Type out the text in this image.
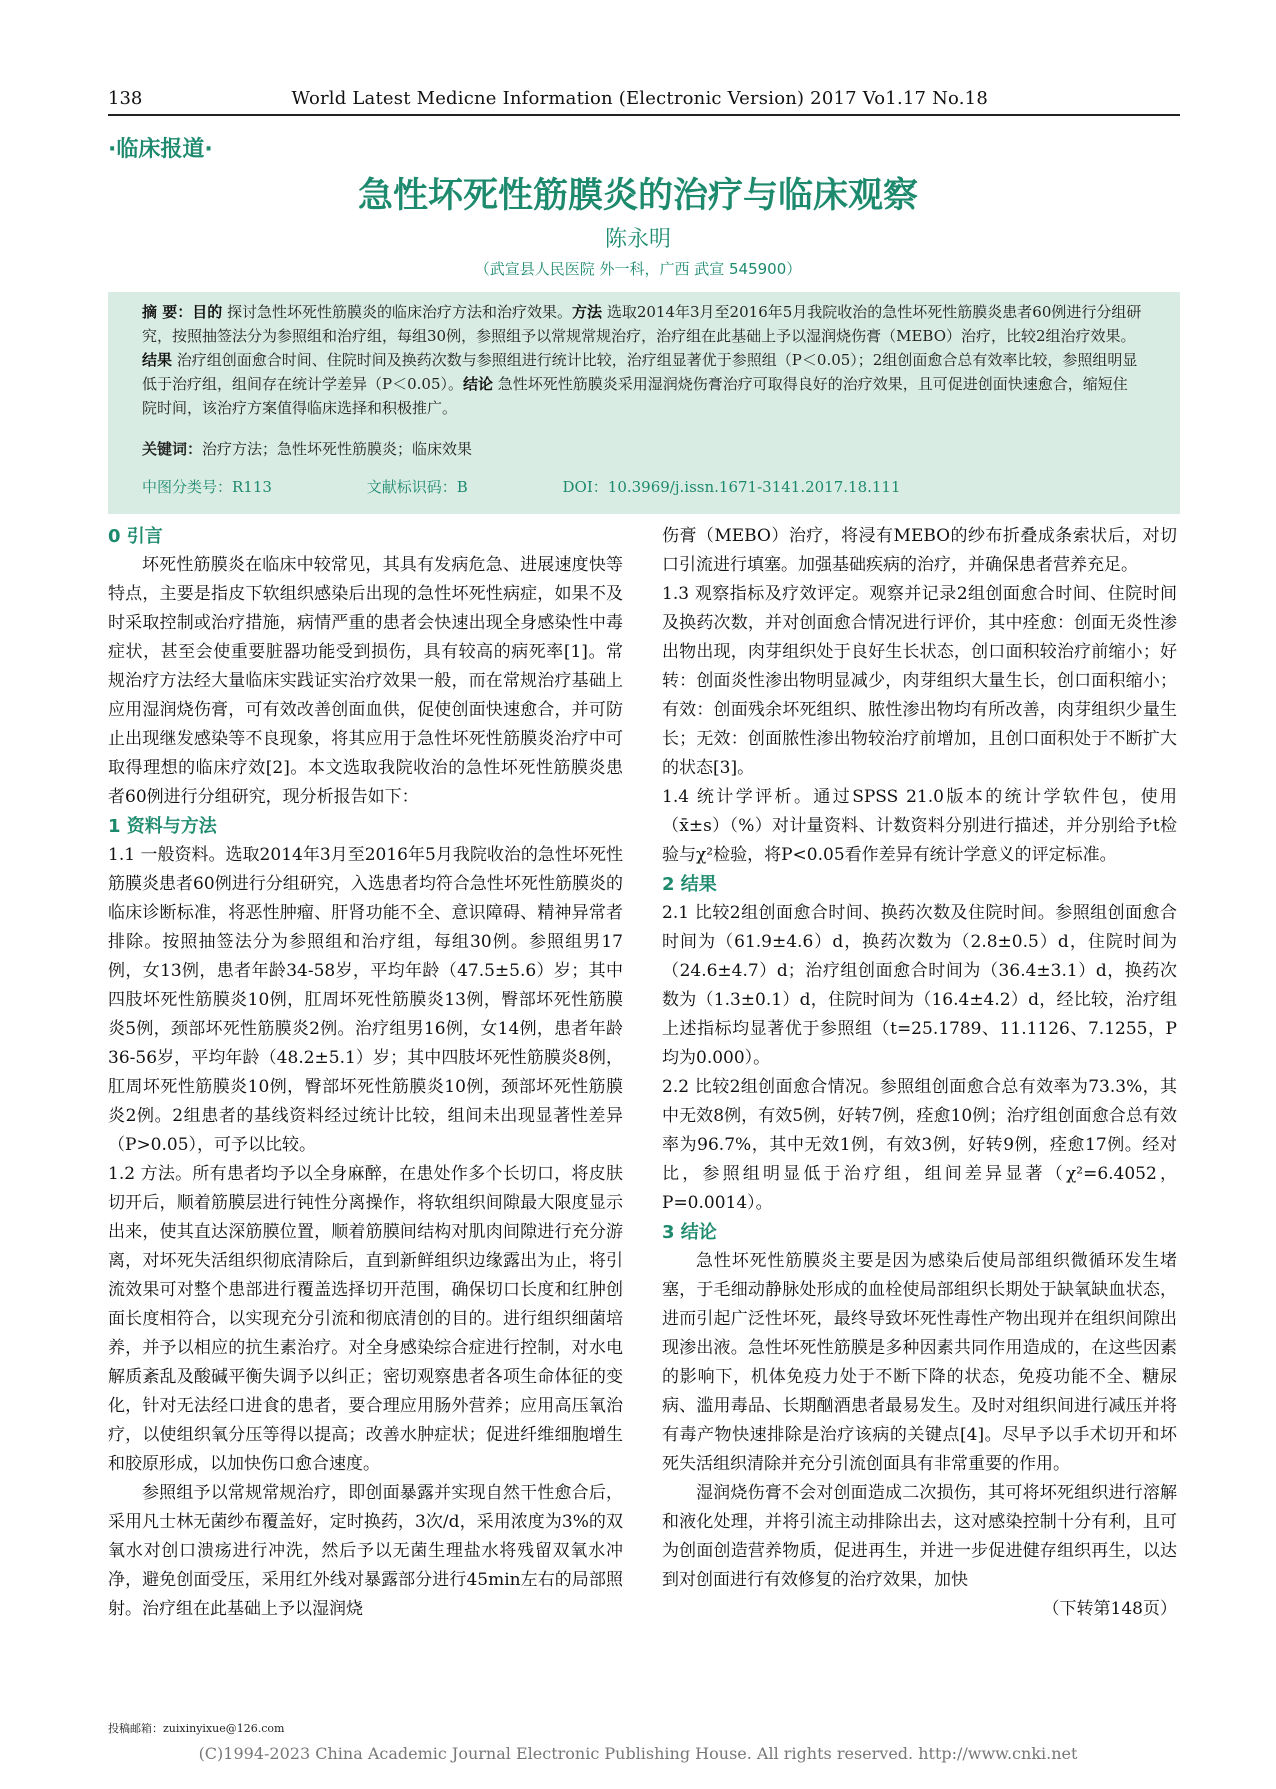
138	World Latest Medicne Information (Electronic Version) 2017 Vo1.17 No.18
·临床报道·
急性坏死性筋膜炎的治疗与临床观察
陈永明
（武宣县人民医院 外一科，广西 武宣 545900）
摘 要：目的 探讨急性坏死性筋膜炎的临床治疗方法和治疗效果。方法 选取2014年3月至2016年5月我院收治的急性坏死性筋膜炎患者60例进行分组研究，按照抽签法分为参照组和治疗组，每组30例，参照组予以常规常规治疗，治疗组在此基础上予以湿润烧伤膏（MEBO）治疗，比较2组治疗效果。结果 治疗组创面愈合时间、住院时间及换药次数与参照组进行统计比较，治疗组显著优于参照组（P＜0.05）；2组创面愈合总有效率比较，参照组明显低于治疗组，组间存在统计学差异（P＜0.05）。结论 急性坏死性筋膜炎采用湿润烧伤膏治疗可取得良好的治疗效果，且可促进创面快速愈合，缩短住院时间，该治疗方案值得临床选择和积极推广。
关键词：治疗方法；急性坏死性筋膜炎；临床效果
中图分类号：R113	文献标识码：B	DOI：10.3969/j.issn.1671-3141.2017.18.111

0 引言

坏死性筋膜炎在临床中较常见，其具有发病危急、进展速度快等特点，主要是指皮下软组织感染后出现的急性坏死性病症，如果不及时采取控制或治疗措施，病情严重的患者会快速出现全身感染性中毒症状，甚至会使重要脏器功能受到损伤，具有较高的病死率[1]。常规治疗方法经大量临床实践证实治疗效果一般，而在常规治疗基础上应用湿润烧伤膏，可有效改善创面血供，促使创面快速愈合，并可防止出现继发感染等不良现象，将其应用于急性坏死性筋膜炎治疗中可取得理想的临床疗效[2]。本文选取我院收治的急性坏死性筋膜炎患者60例进行分组研究，现分析报告如下：

1 资料与方法

1.1 一般资料。选取2014年3月至2016年5月我院收治的急性坏死性筋膜炎患者60例进行分组研究，入选患者均符合急性坏死性筋膜炎的临床诊断标准，将恶性肿瘤、肝肾功能不全、意识障碍、精神异常者排除。按照抽签法分为参照组和治疗组，每组30例。参照组男17例，女13例，患者年龄34-58岁，平均年龄（47.5±5.6）岁；其中四肢坏死性筋膜炎10例，肛周坏死性筋膜炎13例，臀部坏死性筋膜炎5例，颈部坏死性筋膜炎2例。治疗组男16例，女14例，患者年龄36-56岁，平均年龄（48.2±5.1）岁；其中四肢坏死性筋膜炎8例，肛周坏死性筋膜炎10例，臀部坏死性筋膜炎10例，颈部坏死性筋膜炎2例。2组患者的基线资料经过统计比较，组间未出现显著性差异（P>0.05），可予以比较。

1.2 方法。所有患者均予以全身麻醉，在患处作多个长切口，将皮肤切开后，顺着筋膜层进行钝性分离操作，将软组织间隙最大限度显示出来，使其直达深筋膜位置，顺着筋膜间结构对肌肉间隙进行充分游离，对坏死失活组织彻底清除后，直到新鲜组织边缘露出为止，将引流效果可对整个患部进行覆盖选择切开范围，确保切口长度和红肿创面长度相符合，以实现充分引流和彻底清创的目的。进行组织细菌培养，并予以相应的抗生素治疗。对全身感染综合症进行控制，对水电解质紊乱及酸碱平衡失调予以纠正；密切观察患者各项生命体征的变化，针对无法经口进食的患者，要合理应用肠外营养；应用高压氧治疗，以使组织氧分压等得以提高；改善水肿症状；促进纤维细胞增生和胶原形成，以加快伤口愈合速度。

参照组予以常规常规治疗，即创面暴露并实现自然干性愈合后，采用凡士林无菌纱布覆盖好，定时换药，3次/d，采用浓度为3%的双氧水对创口溃疡进行冲洗，然后予以无菌生理盐水将残留双氧水冲净，避免创面受压，采用红外线对暴露部分进行45min左右的局部照射。治疗组在此基础上予以湿润烧

伤膏（MEBO）治疗，将浸有MEBO的纱布折叠成条索状后，对切口引流进行填塞。加强基础疾病的治疗，并确保患者营养充足。

1.3 观察指标及疗效评定。观察并记录2组创面愈合时间、住院时间及换药次数，并对创面愈合情况进行评价，其中痊愈：创面无炎性渗出物出现，肉芽组织处于良好生长状态，创口面积较治疗前缩小；好转：创面炎性渗出物明显减少，肉芽组织大量生长，创口面积缩小；有效：创面残余坏死组织、脓性渗出物均有所改善，肉芽组织少量生长；无效：创面脓性渗出物较治疗前增加，且创口面积处于不断扩大的状态[3]。

1.4 统计学评析。通过SPSS 21.0版本的统计学软件包，使用（x̄±s）（%）对计量资料、计数资料分别进行描述，并分别给予t检验与χ²检验，将P<0.05看作差异有统计学意义的评定标准。

2 结果

2.1 比较2组创面愈合时间、换药次数及住院时间。参照组创面愈合时间为（61.9±4.6）d，换药次数为（2.8±0.5）d，住院时间为（24.6±4.7）d；治疗组创面愈合时间为（36.4±3.1）d，换药次数为（1.3±0.1）d，住院时间为（16.4±4.2）d，经比较，治疗组上述指标均显著优于参照组（t=25.1789、11.1126、7.1255，P均为0.000）。

2.2 比较2组创面愈合情况。参照组创面愈合总有效率为73.3%，其中无效8例，有效5例，好转7例，痊愈10例；治疗组创面愈合总有效率为96.7%，其中无效1例，有效3例，好转9例，痊愈17例。经对比，参照组明显低于治疗组，组间差异显著（χ²=6.4052，P=0.0014）。

3 结论

急性坏死性筋膜炎主要是因为感染后使局部组织微循环发生堵塞，于毛细动静脉处形成的血栓使局部组织长期处于缺氧缺血状态，进而引起广泛性坏死，最终导致坏死性毒性产物出现并在组织间隙出现渗出液。急性坏死性筋膜是多种因素共同作用造成的，在这些因素的影响下，机体免疫力处于不断下降的状态，免疫功能不全、糖尿病、滥用毒品、长期酗酒患者最易发生。及时对组织间进行减压并将有毒产物快速排除是治疗该病的关键点[4]。尽早予以手术切开和坏死失活组织清除并充分引流创面具有非常重要的作用。

湿润烧伤膏不会对创面造成二次损伤，其可将坏死组织进行溶解和液化处理，并将引流主动排除出去，这对感染控制十分有利，且可为创面创造营养物质，促进再生，并进一步促进健存组织再生，以达到对创面进行有效修复的治疗效果，加快

（下转第148页）

投稿邮箱：zuixinyixue@126.com
(C)1994-2023 China Academic Journal Electronic Publishing House. All rights reserved. http://www.cnki.net
